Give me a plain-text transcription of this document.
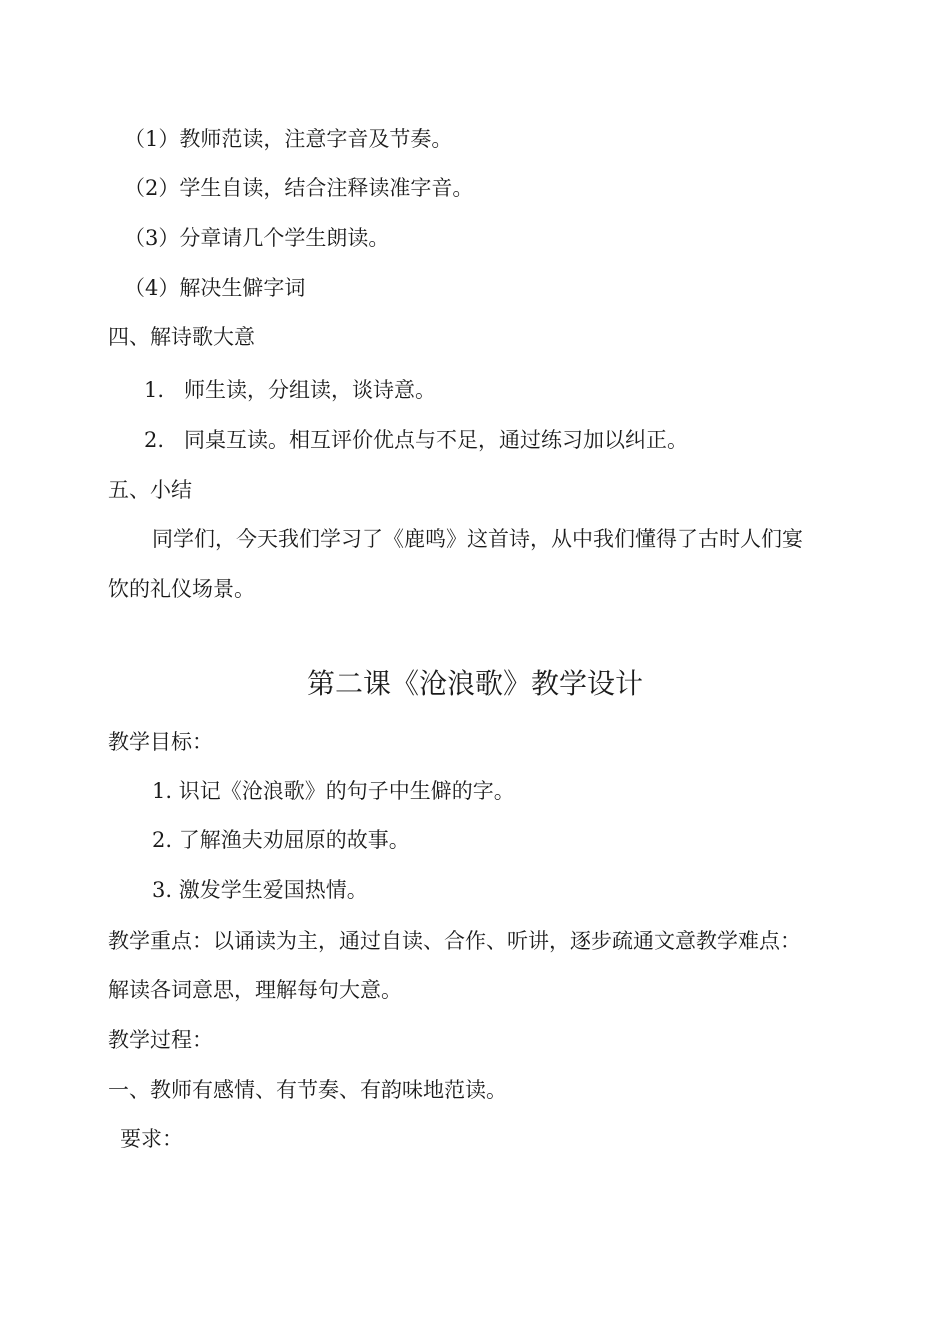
（1）教师范读，注意字音及节奏。
（2）学生自读，结合注释读准字音。
（3）分章请几个学生朗读。
（4）解决生僻字词
四、解诗歌大意
1. 师生读，分组读，谈诗意。
2. 同桌互读。相互评价优点与不足，通过练习加以纠正。
五、小结
同学们，今天我们学习了《鹿鸣》这首诗，从中我们懂得了古时人们宴
饮的礼仪场景。
第二课《沧浪歌》教学设计
教学目标：
1. 识记《沧浪歌》的句子中生僻的字。
2. 了解渔夫劝屈原的故事。
3. 激发学生爱国热情。
教学重点：以诵读为主，通过自读、合作、听讲，逐步疏通文意教学难点：
解读各词意思，理解每句大意。
教学过程：
一、教师有感情、有节奏、有韵味地范读。
要求：
